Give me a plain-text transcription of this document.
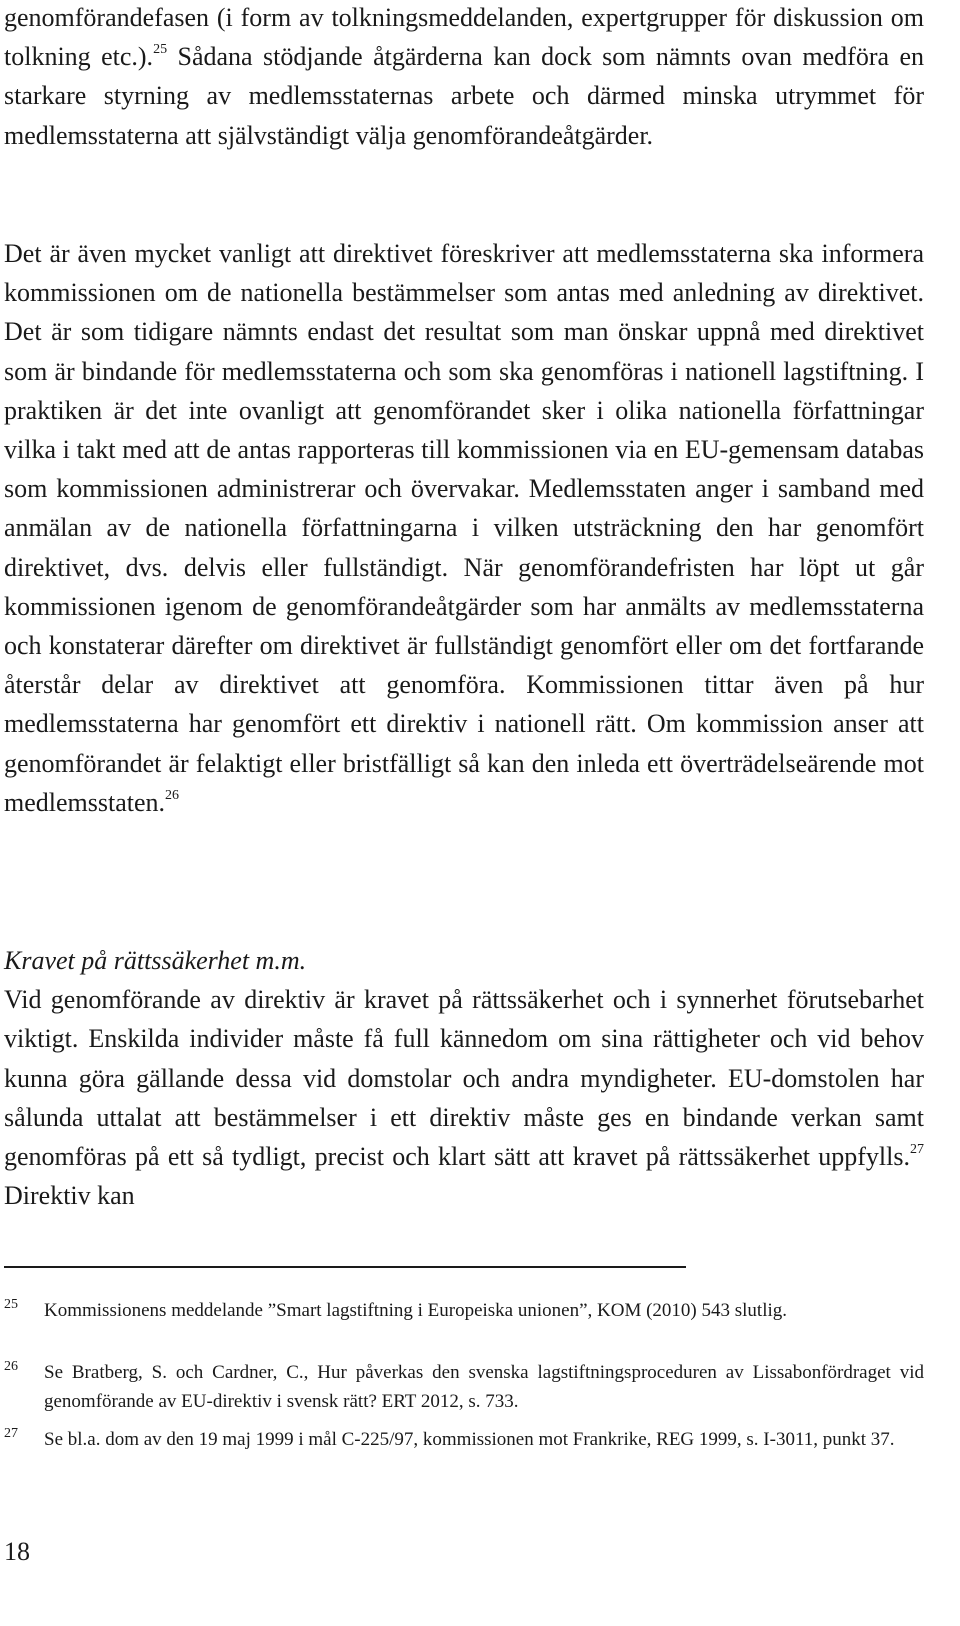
genomförandefasen (i form av tolkningsmeddelanden, expertgrupper för diskussion om tolkning etc.).$^{25}$ Sådana stödjande åtgärderna kan dock som nämnts ovan medföra en starkare styrning av medlemsstaternas arbete och därmed minska utrymmet för medlemsstaterna att självständigt välja genomförandeåtgärder.

Det är även mycket vanligt att direktivet föreskriver att medlemsstaterna ska informera kommissionen om de nationella bestämmelser som antas med anledning av direktivet. Det är som tidigare nämnts endast det resultat som man önskar uppnå med direktivet som är bindande för medlemsstaterna och som ska genomföras i nationell lagstiftning. I praktiken är det inte ovanligt att genomförandet sker i olika nationella författningar vilka i takt med att de antas rapporteras till kommissionen via en EU-gemensam databas som kommissionen administrerar och övervakar. Medlemsstaten anger i samband med anmälan av de nationella författningarna i vilken utsträckning den har genomfört direktivet, dvs. delvis eller fullständigt. När genomförandefristen har löpt ut går kommissionen igenom de genomförandeåtgärder som har anmälts av medlemsstaterna och konstaterar därefter om direktivet är fullständigt genomfört eller om det fortfarande återstår delar av direktivet att genomföra. Kommissionen tittar även på hur medlemsstaterna har genomfört ett direktiv i nationell rätt. Om kommission anser att genomförandet är felaktigt eller bristfälligt så kan den inleda ett överträdelseärende mot medlemsstaten.$^{26}$

Kravet på rättssäkerhet m.m.
Vid genomförande av direktiv är kravet på rättssäkerhet och i synnerhet förutsebarhet viktigt. Enskilda individer måste få full kännedom om sina rättigheter och vid behov kunna göra gällande dessa vid domstolar och andra myndigheter. EU-domstolen har sålunda uttalat att bestämmelser i ett direktiv måste ges en bindande verkan samt genomföras på ett så tydligt, precist och klart sätt att kravet på rättssäkerhet uppfylls.$^{27}$ Direktiv kan

25	Kommissionens meddelande ”Smart lagstiftning i Europeiska unionen”, KOM (2010) 543 slutlig.
26	Se Bratberg, S. och Cardner, C., Hur påverkas den svenska lagstiftningsproceduren av Lissabonfördraget vid genomförande av EU-direktiv i svensk rätt? ERT 2012, s. 733.
27	Se bl.a. dom av den 19 maj 1999 i mål C-225/97, kommissionen mot Frankrike, REG 1999, s. I-3011, punkt 37.
18
